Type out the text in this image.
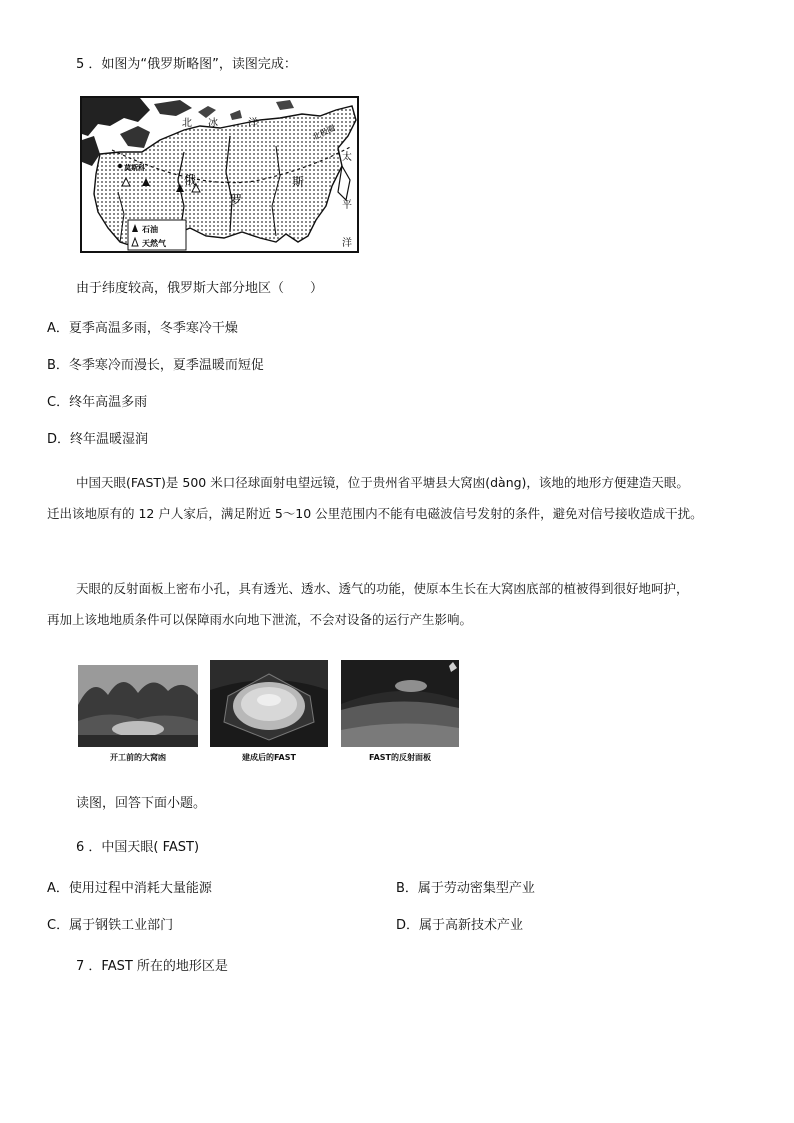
5 ．如图为“俄罗斯略图”，读图完成：
北 冰	洋
北极圈
太
平
洋
俄
罗
斯
莫斯科
石油
天然气
由于纬度较高，俄罗斯大部分地区（　　）
A．夏季高温多雨，冬季寒冷干燥
B．冬季寒冷而漫长，夏季温暖而短促
C．终年高温多雨
D．终年温暖湿润
中国天眼(FAST)是 500 米口径球面射电望远镜，位于贵州省平塘县大窝凼(dàng)，该地的地形方便建造天眼。
迁出该地原有的 12 户人家后，满足附近 5～10 公里范围内不能有电磁波信号发射的条件，避免对信号接收造成干扰。
天眼的反射面板上密布小孔，具有透光、透水、透气的功能，使原本生长在大窝凼底部的植被得到很好地呵护，
再加上该地地质条件可以保障雨水向地下泄流，不会对设备的运行产生影响。
开工前的大窝凼	建成后的FAST	FAST的反射面板
读图，回答下面小题。
6 ．中国天眼( FAST)
A．使用过程中消耗大量能源	B．属于劳动密集型产业
C．属于钢铁工业部门	D．属于高新技术产业
7 ．FAST 所在的地形区是
